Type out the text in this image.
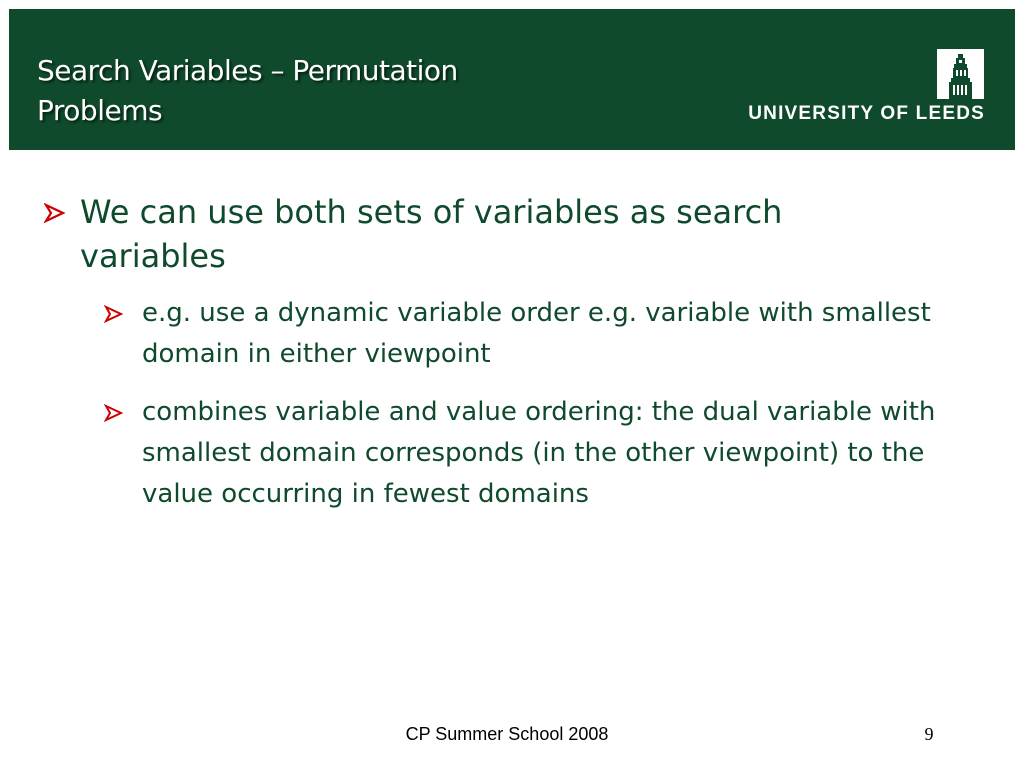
Search Variables – Permutation Problems	UNIVERSITY OF LEEDS
We can use both sets of variables as search variables
e.g. use a dynamic variable order e.g. variable with smallest domain in either viewpoint
combines variable and value ordering: the dual variable with smallest domain corresponds (in the other viewpoint) to the value occurring in fewest domains
CP Summer School 2008	9
